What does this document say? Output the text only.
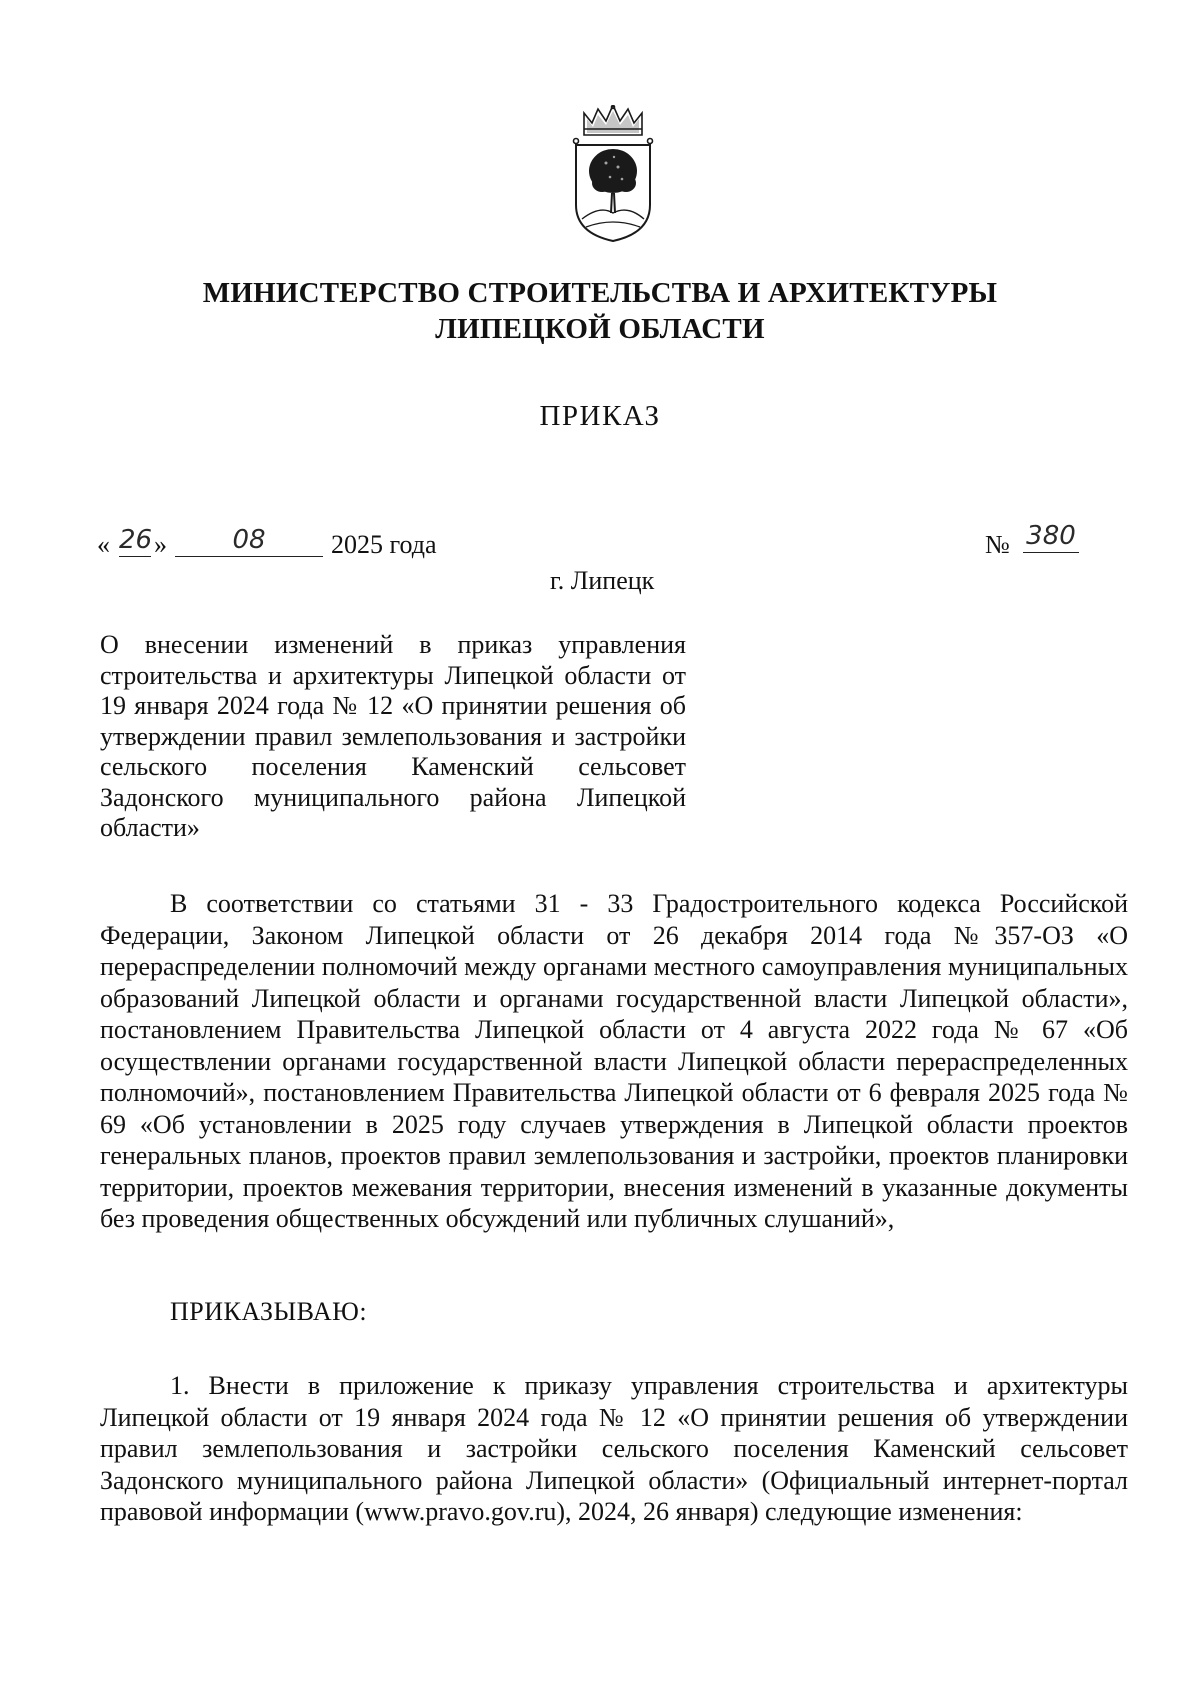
МИНИСТЕРСТВО СТРОИТЕЛЬСТВА И АРХИТЕКТУРЫ
ЛИПЕЦКОЙ ОБЛАСТИ
ПРИКАЗ
« 26 »	08	2025 года	№ 380
г. Липецк
О внесении изменений в приказ управления строительства и архитектуры Липецкой области от 19 января 2024 года № 12 «О принятии решения об утверждении правил землепользования и застройки сельского поселения Каменский сельсовет Задонского муниципального района Липецкой области»

В соответствии со статьями 31 - 33 Градостроительного кодекса Российской Федерации, Законом Липецкой области от 26 декабря 2014 года №357-ОЗ «О перераспределении полномочий между органами местного самоуправления муниципальных образований Липецкой области и органами государственной власти Липецкой области», постановлением Правительства Липецкой области от 4 августа 2022 года № 67 «Об осуществлении органами государственной власти Липецкой области перераспределенных полномочий», постановлением Правительства Липецкой области от 6 февраля 2025 года № 69 «Об установлении в 2025 году случаев утверждения в Липецкой области проектов генеральных планов, проектов правил землепользования и застройки, проектов планировки территории, проектов межевания территории, внесения изменений в указанные документы без проведения общественных обсуждений или публичных слушаний»,

ПРИКАЗЫВАЮ:

1. Внести в приложение к приказу управления строительства и архитектуры Липецкой области от 19 января 2024 года № 12 «О принятии решения об утверждении правил землепользования и застройки сельского поселения Каменский сельсовет Задонского муниципального района Липецкой области» (Официальный интернет-портал правовой информации (www.pravo.gov.ru), 2024, 26 января) следующие изменения:
